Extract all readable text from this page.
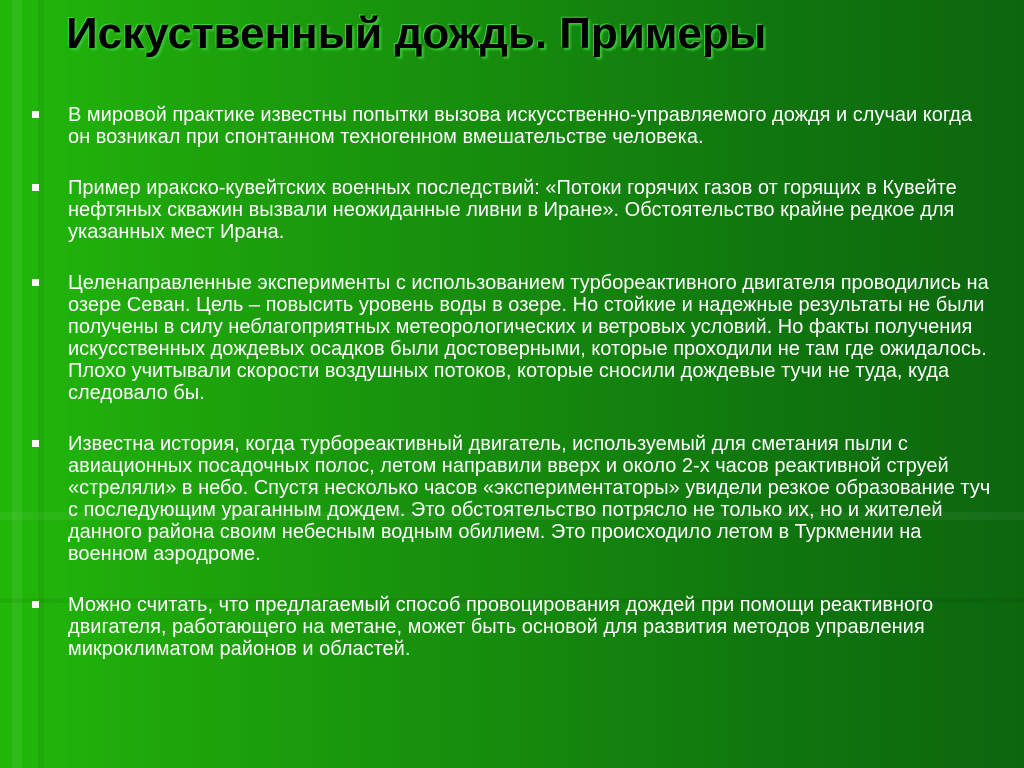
Искуственный дождь. Примеры
В мировой практике известны попытки вызова искусственно-управляемого дождя и случаи когда он возникал при спонтанном техногенном вмешательстве человека.
Пример иракско-кувейтских военных последствий: «Потоки горячих газов от горящих в Кувейте нефтяных скважин вызвали неожиданные ливни в Иране». Обстоятельство крайне редкое для указанных мест Ирана.
Целенаправленные эксперименты с использованием турбореактивного двигателя проводились на озере Севан. Цель – повысить уровень воды в озере. Но стойкие и надежные результаты не были получены в силу неблагоприятных метеорологических и ветровых условий. Но факты получения искусственных дождевых осадков были достоверными, которые проходили не там где ожидалось. Плохо учитывали скорости воздушных потоков, которые сносили дождевые тучи не туда, куда следовало бы.
Известна история, когда турбореактивный двигатель, используемый для сметания пыли с авиационных посадочных полос, летом направили вверх и около 2-х часов реактивной струей «стреляли» в небо. Спустя несколько часов «экспериментаторы» увидели резкое образование туч с последующим ураганным дождем. Это обстоятельство потрясло не только их, но и жителей данного района своим небесным водным обилием. Это происходило летом в Туркмении на военном аэродроме.
Можно считать, что предлагаемый способ провоцирования дождей при помощи реактивного двигателя, работающего на метане, может быть основой для развития методов управления микроклиматом районов и областей.
